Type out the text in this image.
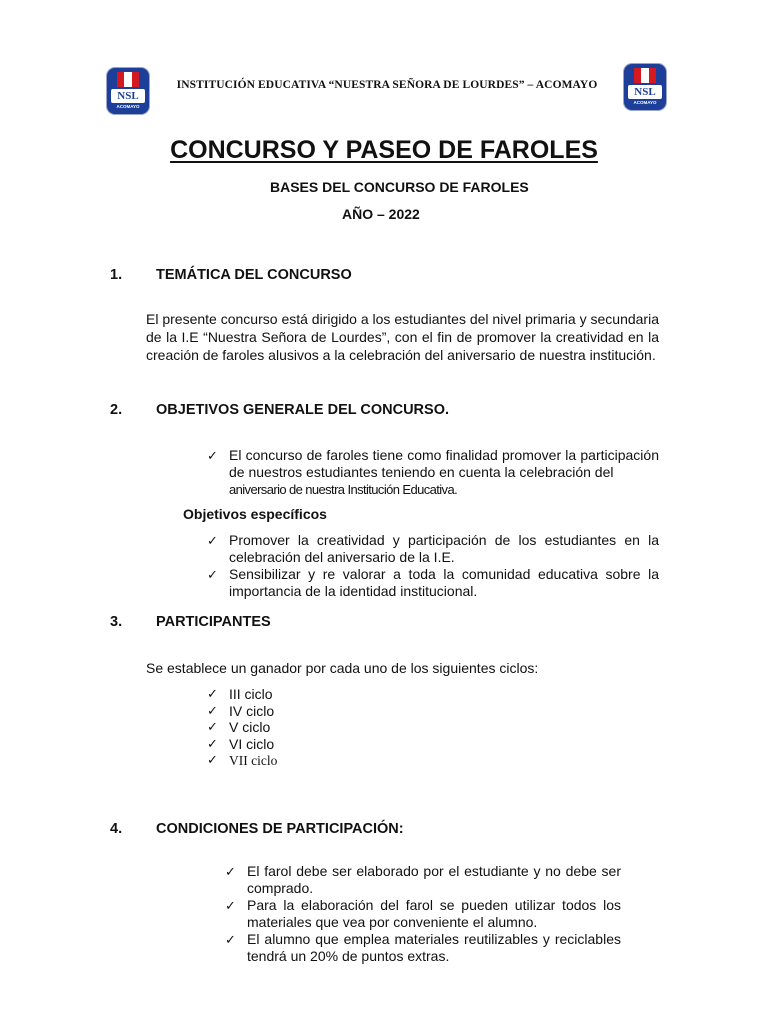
NSL
ACOMAYO
INSTITUCIÓN EDUCATIVA “NUESTRA SEÑORA DE LOURDES” – ACOMAYO
NSL
ACOMAYO
CONCURSO Y PASEO DE FAROLES
BASES DEL CONCURSO DE FAROLES
AÑO – 2022
1. TEMÁTICA DEL CONCURSO
El presente concurso está dirigido a los estudiantes del nivel primaria y secundaria de la I.E “Nuestra Señora de Lourdes”, con el fin de promover la creatividad en la creación de faroles alusivos a la celebración del aniversario de nuestra institución.
2. OBJETIVOS GENERALE DEL CONCURSO.
✓ El concurso de faroles tiene como finalidad promover la participación de nuestros estudiantes teniendo en cuenta la celebración del
aniversario de nuestra Institución Educativa.
Objetivos específicos
✓ Promover la creatividad y participación de los estudiantes en la celebración del aniversario de la I.E.
✓ Sensibilizar y re valorar a toda la comunidad educativa sobre la importancia de la identidad institucional.
3. PARTICIPANTES
Se establece un ganador por cada uno de los siguientes ciclos:
✓ III ciclo
✓ IV ciclo
✓ V ciclo
✓ VI ciclo
✓ VII ciclo
4. CONDICIONES DE PARTICIPACIÓN:
✓ El farol debe ser elaborado por el estudiante y no debe ser comprado.
✓ Para la elaboración del farol se pueden utilizar todos los materiales que vea por conveniente el alumno.
✓ El alumno que emplea materiales reutilizables y reciclables tendrá un 20% de puntos extras.
